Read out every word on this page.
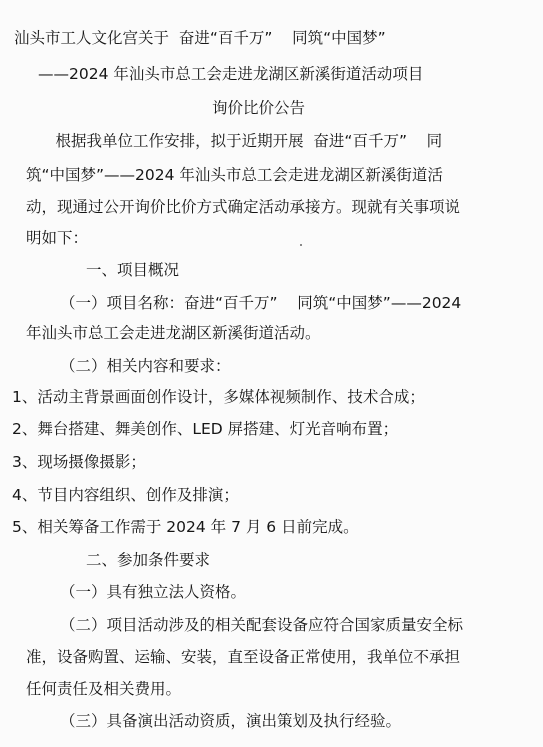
汕头市工人文化宫关于  奋进“百千万”    同筑“中国梦”
——2024 年汕头市总工会走进龙湖区新溪街道活动项目
询价比价公告
根据我单位工作安排，拟于近期开展  奋进“百千万”    同
筑“中国梦”——2024 年汕头市总工会走进龙湖区新溪街道活
动，现通过公开询价比价方式确定活动承接方。现就有关事项说
明如下：
一、项目概况
（一）项目名称：奋进“百千万”    同筑“中国梦”——2024
年汕头市总工会走进龙湖区新溪街道活动。
（二）相关内容和要求：
1、活动主背景画面创作设计，多媒体视频制作、技术合成；
2、舞台搭建、舞美创作、LED 屏搭建、灯光音响布置；
3、现场摄像摄影；
4、节目内容组织、创作及排演；
5、相关筹备工作需于 2024 年 7 月 6 日前完成。
二、参加条件要求
（一）具有独立法人资格。
（二）项目活动涉及的相关配套设备应符合国家质量安全标
准，设备购置、运输、安装，直至设备正常使用，我单位不承担
任何责任及相关费用。
（三）具备演出活动资质，演出策划及执行经验。
